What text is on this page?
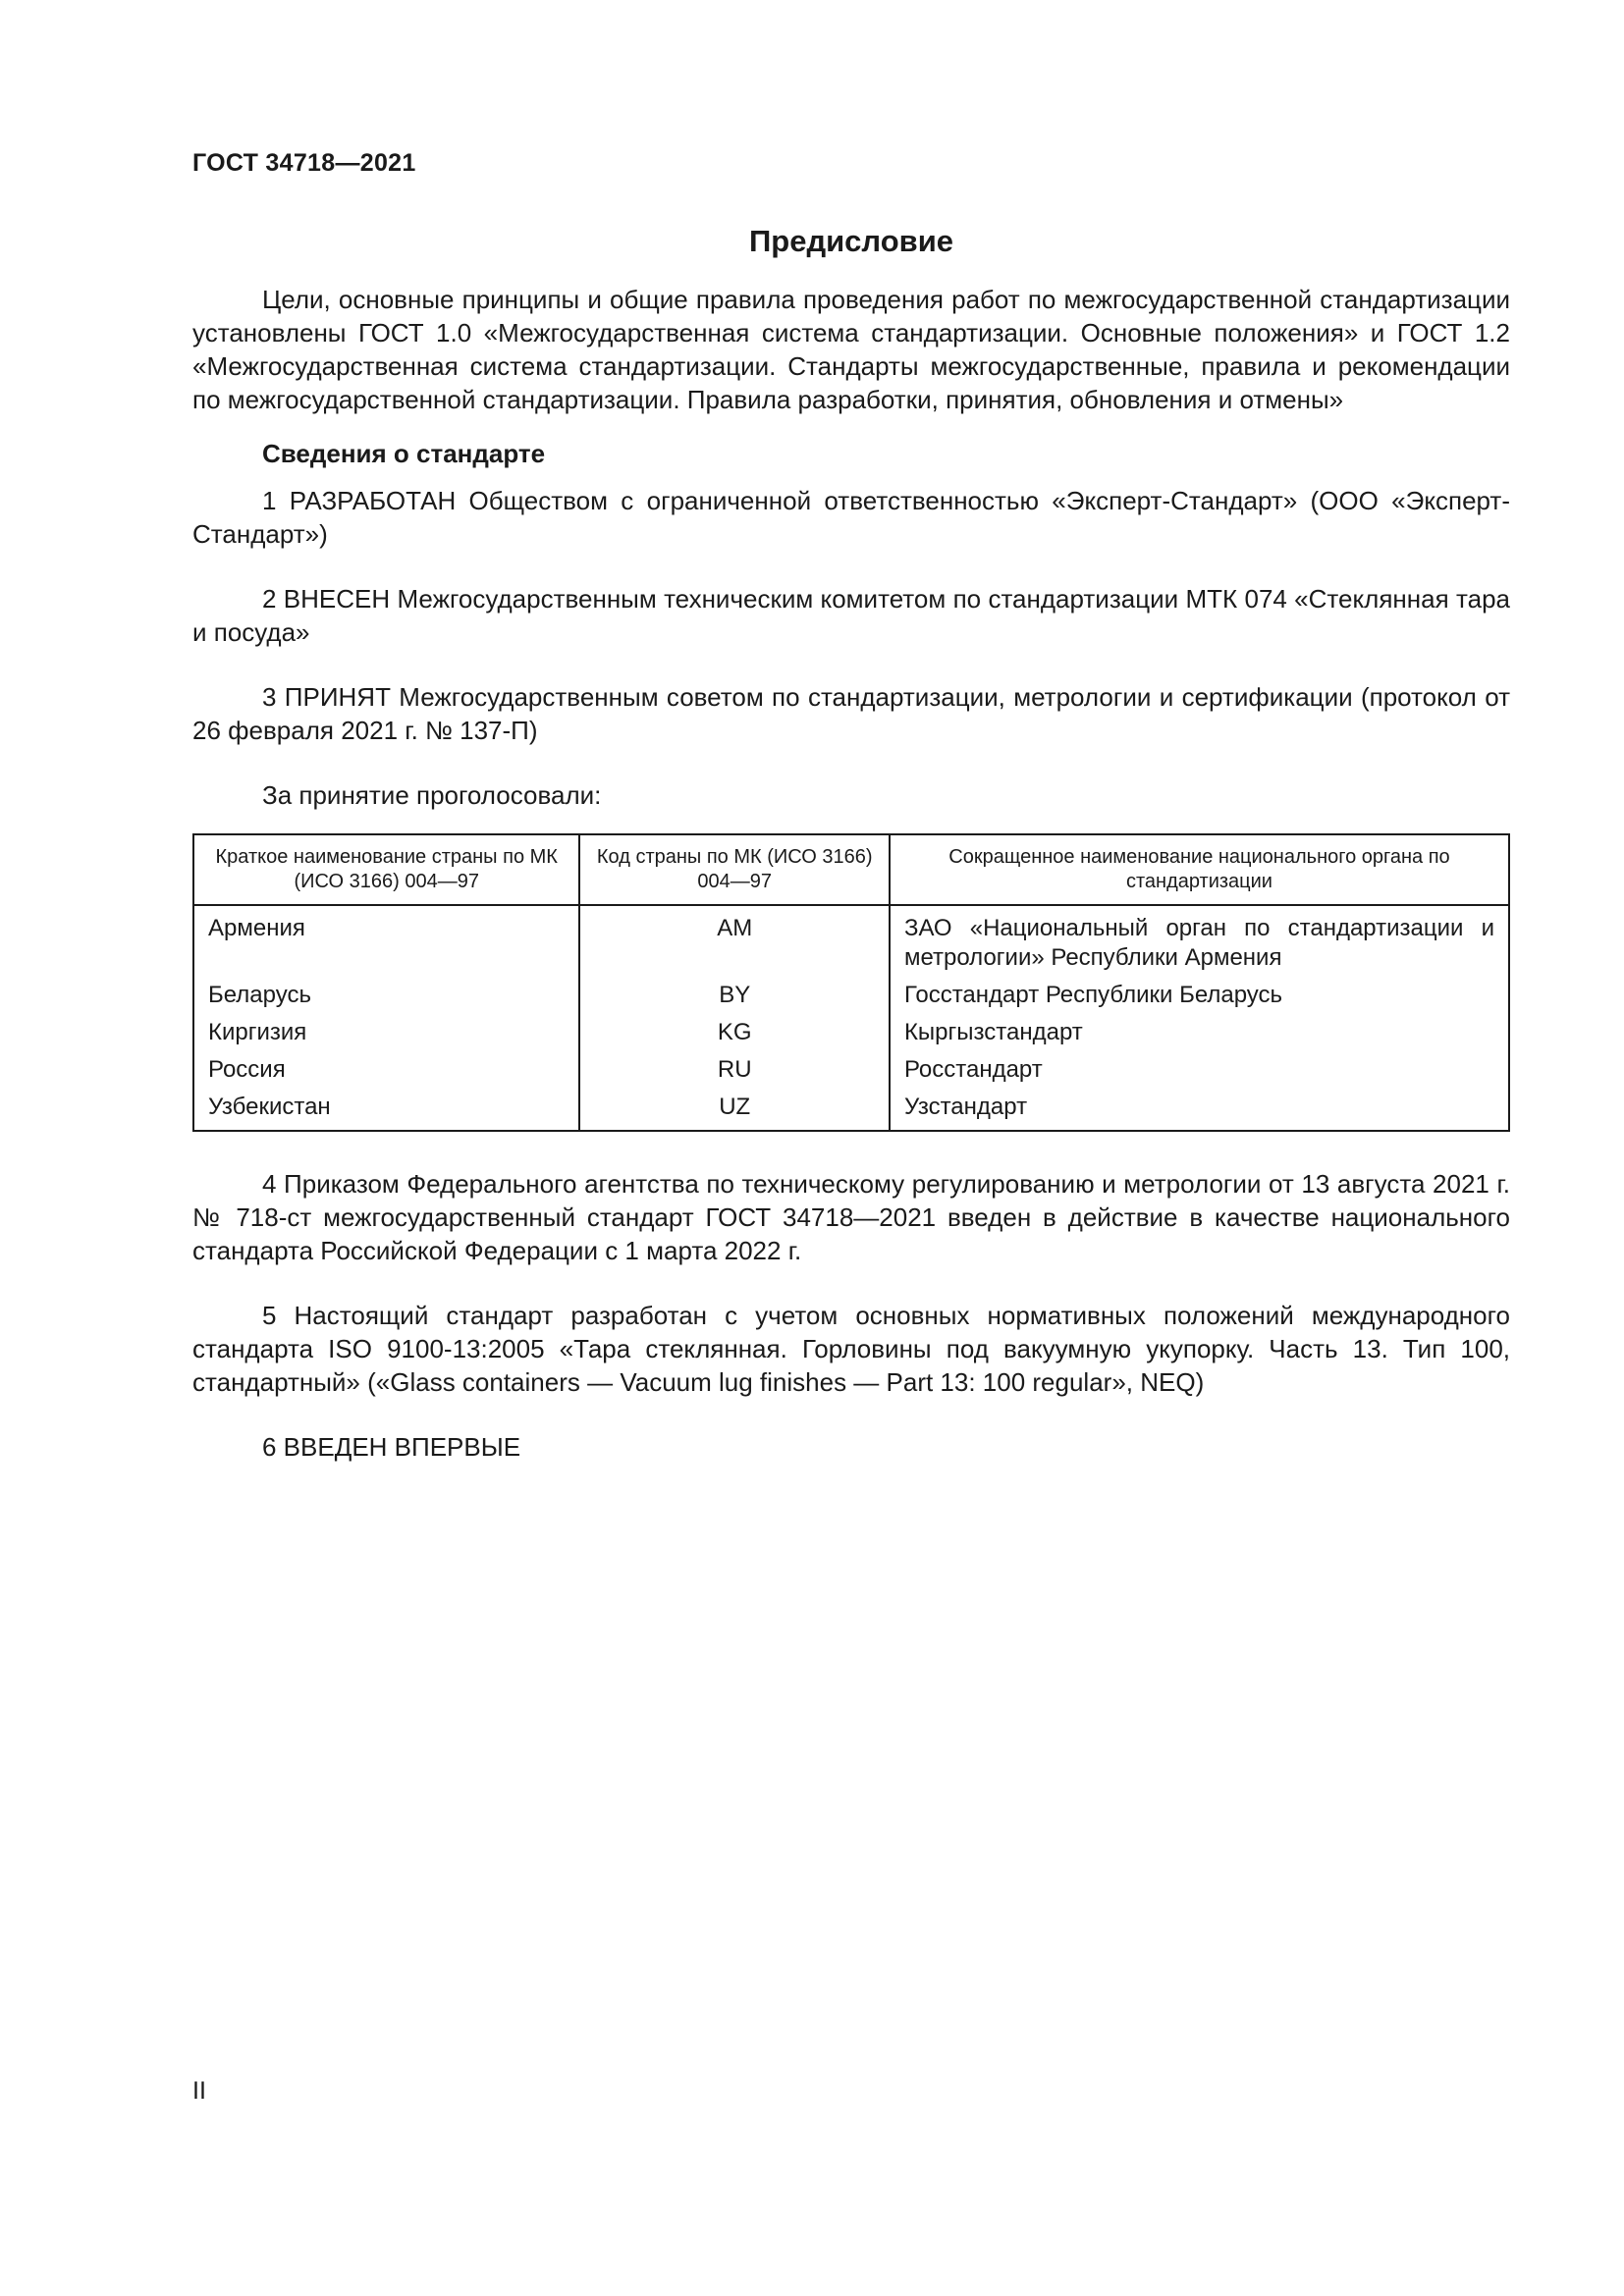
ГОСТ 34718—2021
Предисловие

Цели, основные принципы и общие правила проведения работ по межгосударственной стандартизации установлены ГОСТ 1.0 «Межгосударственная система стандартизации. Основные положения» и ГОСТ 1.2 «Межгосударственная система стандартизации. Стандарты межгосударственные, правила и рекомендации по межгосударственной стандартизации. Правила разработки, принятия, обновления и отмены»

Сведения о стандарте

1 РАЗРАБОТАН Обществом с ограниченной ответственностью «Эксперт-Стандарт» (ООО «Эксперт-Стандарт»)

2 ВНЕСЕН Межгосударственным техническим комитетом по стандартизации МТК 074 «Стеклянная тара и посуда»

3 ПРИНЯТ Межгосударственным советом по стандартизации, метрологии и сертификации (протокол от 26 февраля 2021 г. № 137-П)

За принятие проголосовали:

Краткое наименование страны по МК (ИСО 3166) 004—97	Код страны по МК (ИСО 3166) 004—97	Сокращенное наименование национального органа по стандартизации
Армения	AM	ЗАО «Национальный орган по стандартизации и метрологии» Республики Армения
Беларусь	BY	Госстандарт Республики Беларусь
Киргизия	KG	Кыргызстандарт
Россия	RU	Росстандарт
Узбекистан	UZ	Узстандарт

4 Приказом Федерального агентства по техническому регулированию и метрологии от 13 августа 2021 г. № 718-ст межгосударственный стандарт ГОСТ 34718—2021 введен в действие в качестве национального стандарта Российской Федерации с 1 марта 2022 г.

5 Настоящий стандарт разработан с учетом основных нормативных положений международного стандарта ISO 9100-13:2005 «Тара стеклянная. Горловины под вакуумную укупорку. Часть 13. Тип 100, стандартный» («Glass containers — Vacuum lug finishes — Part 13: 100 regular», NEQ)

6 ВВЕДЕН ВПЕРВЫЕ

II
